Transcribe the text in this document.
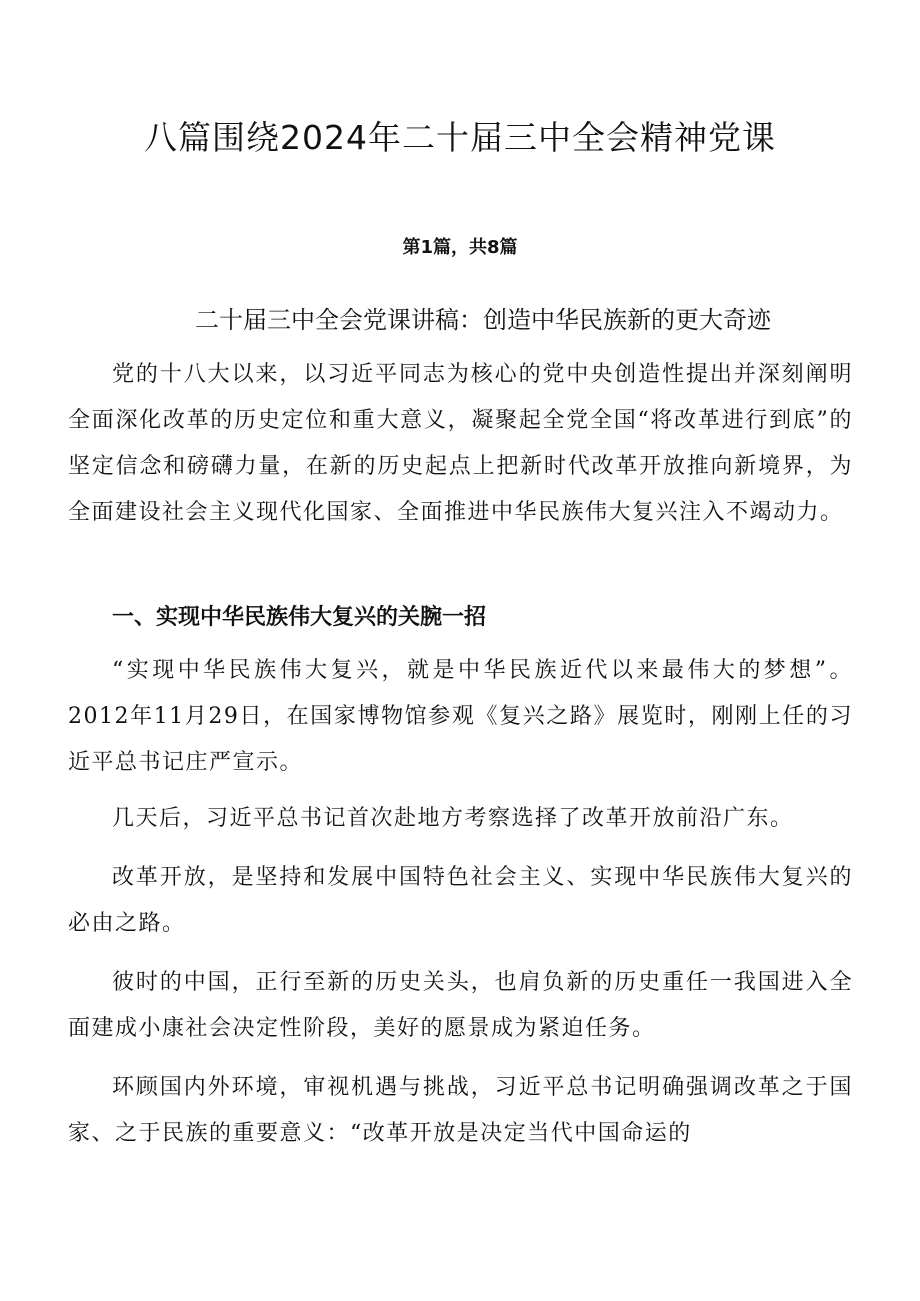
八篇围绕2024年二十届三中全会精神党课
第1篇，共8篇
二十届三中全会党课讲稿：创造中华民族新的更大奇迹

党的十八大以来，以习近平同志为核心的党中央创造性提出并深刻阐明全面深化改革的历史定位和重大意义，凝聚起全党全国“将改革进行到底”的坚定信念和磅礴力量，在新的历史起点上把新时代改革开放推向新境界，为全面建设社会主义现代化国家、全面推进中华民族伟大复兴注入不竭动力。

一、实现中华民族伟大复兴的关腕一招

“实现中华民族伟大复兴，就是中华民族近代以来最伟大的梦想”。2012年11月29日，在国家博物馆参观《复兴之路》展览时，刚刚上任的习近平总书记庄严宣示。

几天后，习近平总书记首次赴地方考察选择了改革开放前沿广东。

改革开放，是坚持和发展中国特色社会主义、实现中华民族伟大复兴的必由之路。

彼时的中国，正行至新的历史关头，也肩负新的历史重任一我国进入全面建成小康社会决定性阶段，美好的愿景成为紧迫任务。

环顾国内外环境，审视机遇与挑战，习近平总书记明确强调改革之于国家、之于民族的重要意义：“改革开放是决定当代中国命运的
